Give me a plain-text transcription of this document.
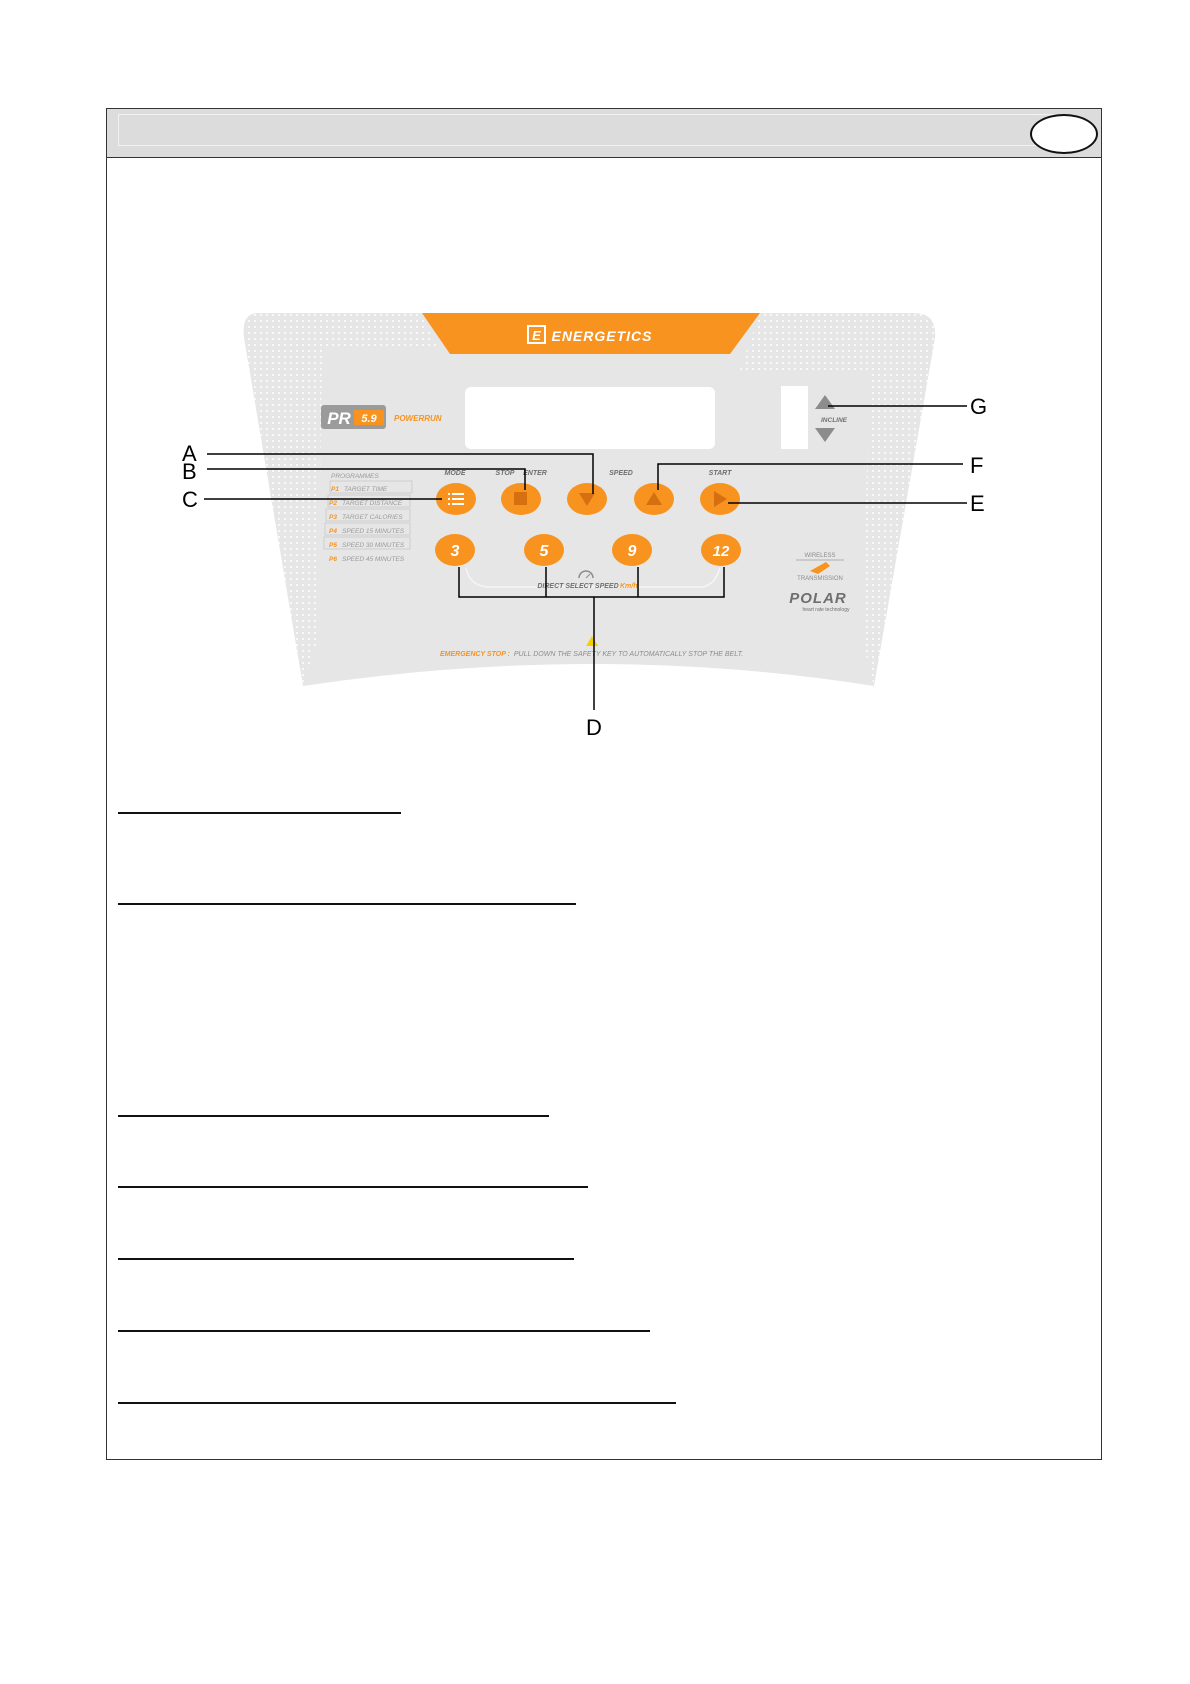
E ENERGETICS
PR 5.9 POWERRUN	INCLINE
PROGRAMMES
P1 TARGET TIME
P2 TARGET DISTANCE
P3 TARGET CALORIES
P4 SPEED 15 MINUTES
P5 SPEED 30 MINUTES
P6 SPEED 45 MINUTES
MODE	STOP ENTER	SPEED	START
3	5	9	12
DIRECT SELECT SPEED Km/h
WIRELESS
TRANSMISSION
POLAR
heart rate technology
EMERGENCY STOP : PULL DOWN THE SAFETY KEY TO AUTOMATICALLY STOP THE BELT.
A
B
C
D
E
F
G
